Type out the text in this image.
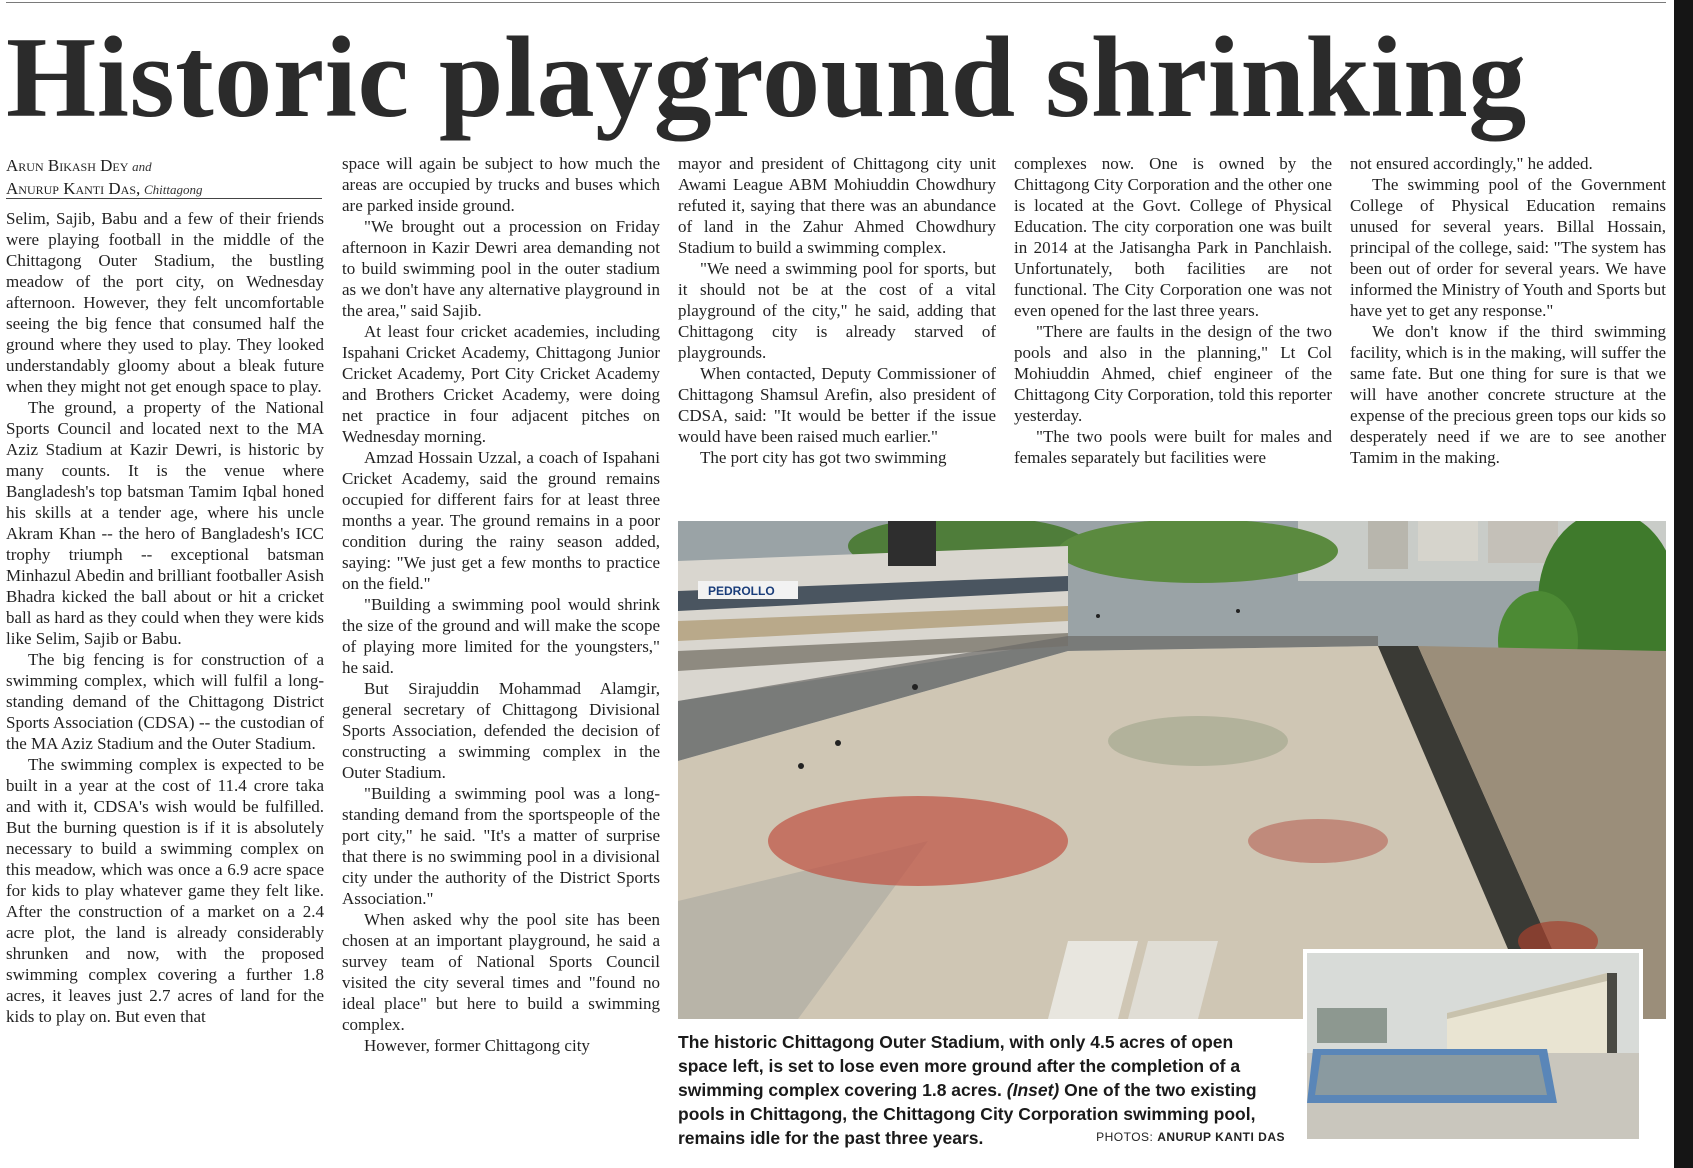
Historic playground shrinking
Arun Bikash Dey and
Anurup Kanti Das, Chittagong

Selim, Sajib, Babu and a few of their friends were playing football in the middle of the Chittagong Outer Stadium, the bustling meadow of the port city, on Wednesday afternoon. However, they felt uncomfortable seeing the big fence that consumed half the ground where they used to play. They looked understandably gloomy about a bleak future when they might not get enough space to play.

The ground, a property of the National Sports Council and located next to the MA Aziz Stadium at Kazir Dewri, is historic by many counts. It is the venue where Bangladesh's top batsman Tamim Iqbal honed his skills at a tender age, where his uncle Akram Khan -- the hero of Bangladesh's ICC trophy triumph -- exceptional batsman Minhazul Abedin and brilliant footballer Asish Bhadra kicked the ball about or hit a cricket ball as hard as they could when they were kids like Selim, Sajib or Babu.

The big fencing is for construction of a swimming complex, which will fulfil a long-standing demand of the Chittagong District Sports Association (CDSA) -- the custodian of the MA Aziz Stadium and the Outer Stadium.

The swimming complex is expected to be built in a year at the cost of 11.4 crore taka and with it, CDSA's wish would be fulfilled. But the burning question is if it is absolutely necessary to build a swimming complex on this meadow, which was once a 6.9 acre space for kids to play whatever game they felt like. After the construction of a market on a 2.4 acre plot, the land is already considerably shrunken and now, with the proposed swimming complex covering a further 1.8 acres, it leaves just 2.7 acres of land for the kids to play on. But even that

space will again be subject to how much the areas are occupied by trucks and buses which are parked inside ground.

"We brought out a procession on Friday afternoon in Kazir Dewri area demanding not to build swimming pool in the outer stadium as we don't have any alternative playground in the area," said Sajib.

At least four cricket academies, including Ispahani Cricket Academy, Chittagong Junior Cricket Academy, Port City Cricket Academy and Brothers Cricket Academy, were doing net practice in four adjacent pitches on Wednesday morning.

Amzad Hossain Uzzal, a coach of Ispahani Cricket Academy, said the ground remains occupied for different fairs for at least three months a year. The ground remains in a poor condition during the rainy season added, saying: "We just get a few months to practice on the field."

"Building a swimming pool would shrink the size of the ground and will make the scope of playing more limited for the youngsters," he said.

But Sirajuddin Mohammad Alamgir, general secretary of Chittagong Divisional Sports Association, defended the decision of constructing a swimming complex in the Outer Stadium.

"Building a swimming pool was a long-standing demand from the sportspeople of the port city," he said. "It's a matter of surprise that there is no swimming pool in a divisional city under the authority of the District Sports Association."

When asked why the pool site has been chosen at an important playground, he said a survey team of National Sports Council visited the city several times and "found no ideal place" but here to build a swimming complex.

However, former Chittagong city

mayor and president of Chittagong city unit Awami League ABM Mohiuddin Chowdhury refuted it, saying that there was an abundance of land in the Zahur Ahmed Chowdhury Stadium to build a swimming complex.

"We need a swimming pool for sports, but it should not be at the cost of a vital playground of the city," he said, adding that Chittagong city is already starved of playgrounds.

When contacted, Deputy Commissioner of Chittagong Shamsul Arefin, also president of CDSA, said: "It would be better if the issue would have been raised much earlier."

The port city has got two swimming

complexes now. One is owned by the Chittagong City Corporation and the other one is located at the Govt. College of Physical Education. The city corporation one was built in 2014 at the Jatisangha Park in Panchlaish. Unfortunately, both facilities are not functional. The City Corporation one was not even opened for the last three years.

"There are faults in the design of the two pools and also in the planning," Lt Col Mohiuddin Ahmed, chief engineer of the Chittagong City Corporation, told this reporter yesterday.

"The two pools were built for males and females separately but facilities were

not ensured accordingly," he added.

The swimming pool of the Government College of Physical Education remains unused for several years. Billal Hossain, principal of the college, said: "The system has been out of order for several years. We have informed the Ministry of Youth and Sports but have yet to get any response."

We don't know if the third swimming facility, which is in the making, will suffer the same fate. But one thing for sure is that we will have another concrete structure at the expense of the precious green tops our kids so desperately need if we are to see another Tamim in the making.

PEDROLLO
The historic Chittagong Outer Stadium, with only 4.5 acres of open space left, is set to lose even more ground after the completion of a swimming complex covering 1.8 acres. (Inset) One of the two existing pools in Chittagong, the Chittagong City Corporation swimming pool, remains idle for the past three years.	PHOTOS: ANURUP KANTI DAS
